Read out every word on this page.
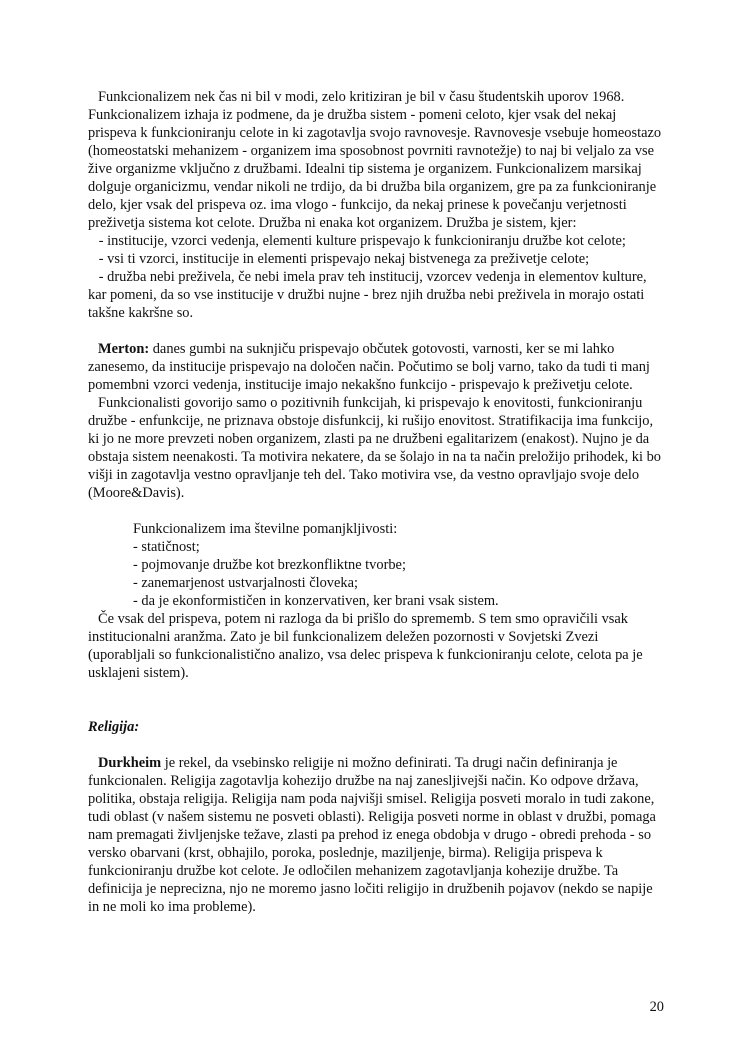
Funkcionalizem nek čas ni bil v modi, zelo kritiziran je bil v času študentskih uporov 1968. Funkcionalizem izhaja iz podmene, da je družba sistem - pomeni celoto, kjer vsak del nekaj prispeva k funkcioniranju celote in ki zagotavlja svojo ravnovesje. Ravnovesje vsebuje homeostazo (homeostatski mehanizem - organizem ima sposobnost povrniti ravnotežje) to naj bi veljalo za vse žive organizme vključno z družbami. Idealni tip sistema je organizem. Funkcionalizem marsikaj dolguje organicizmu, vendar nikoli ne trdijo, da bi družba bila organizem, gre pa za funkcioniranje delo, kjer vsak del prispeva oz. ima vlogo - funkcijo, da nekaj prinese k povečanju verjetnosti preživetja sistema kot celote. Družba ni enaka kot organizem. Družba je sistem, kjer:

- institucije, vzorci vedenja, elementi kulture prispevajo k funkcioniranju družbe kot celote;
- vsi ti vzorci, institucije in elementi prispevajo nekaj bistvenega za preživetje celote;
- družba nebi preživela, če nebi imela prav teh institucij, vzorcev vedenja in elementov kulture, kar pomeni, da so vse institucije v družbi nujne - brez njih družba nebi preživela in morajo ostati takšne kakršne so.

Merton: danes gumbi na suknjiču prispevajo občutek gotovosti, varnosti, ker se mi lahko zanesemo, da institucije prispevajo na določen način. Počutimo se bolj varno, tako da tudi ti manj pomembni vzorci vedenja, institucije imajo nekakšno funkcijo - prispevajo k preživetju celote.

Funkcionalisti govorijo samo o pozitivnih funkcijah, ki prispevajo k enovitosti, funkcioniranju družbe - enfunkcije, ne priznava obstoje disfunkcij, ki rušijo enovitost. Stratifikacija ima funkcijo, ki jo ne more prevzeti noben organizem, zlasti pa ne družbeni egalitarizem (enakost). Nujno je da obstaja sistem neenakosti. Ta motivira nekatere, da se šolajo in na ta način preložijo prihodek, ki bo višji in zagotavlja vestno opravljanje teh del. Tako motivira vse, da vestno opravljajo svoje delo (Moore&Davis).

Funkcionalizem ima številne pomanjkljivosti:
- statičnost;
- pojmovanje družbe kot brezkonfliktne tvorbe;
- zanemarjenost ustvarjalnosti človeka;
- da je ekonformističen in konzervativen, ker brani vsak sistem.

Če vsak del prispeva, potem ni razloga da bi prišlo do sprememb. S tem smo opravičili vsak institucionalni aranžma. Zato je bil funkcionalizem deležen pozornosti v Sovjetski Zvezi (uporabljali so funkcionalistično analizo, vsa delec prispeva k funkcioniranju celote, celota pa je usklajeni sistem).

Religija:

Durkheim je rekel, da vsebinsko religije ni možno definirati. Ta drugi način definiranja je funkcionalen. Religija zagotavlja kohezijo družbe na naj zanesljivejši način. Ko odpove država, politika, obstaja religija. Religija nam poda najvišji smisel. Religija posveti moralo in tudi zakone, tudi oblast (v našem sistemu ne posveti oblasti). Religija posveti norme in oblast v družbi, pomaga nam premagati življenjske težave, zlasti pa prehod iz enega obdobja v drugo - obredi prehoda - so versko obarvani (krst, obhajilo, poroka, poslednje, maziljenje, birma). Religija prispeva k funkcioniranju družbe kot celote. Je odločilen mehanizem zagotavljanja kohezije družbe. Ta definicija je neprecizna, njo ne moremo jasno ločiti religijo in družbenih pojavov (nekdo se napije in ne moli ko ima probleme).

20
